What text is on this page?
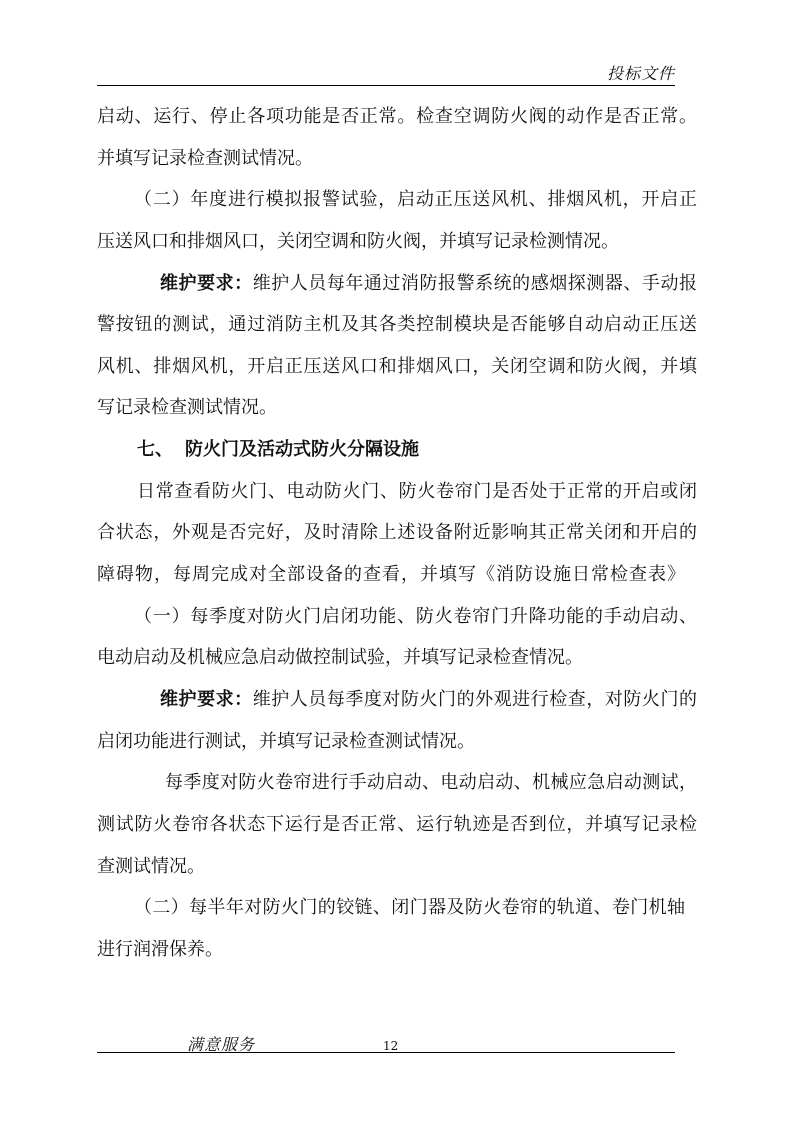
投标文件
启动、运行、停止各项功能是否正常。检查空调防火阀的动作是否正常。
并填写记录检查测试情况。
（二）年度进行模拟报警试验，启动正压送风机、排烟风机，开启正
压送风口和排烟风口，关闭空调和防火阀，并填写记录检测情况。
维护要求：维护人员每年通过消防报警系统的感烟探测器、手动报
警按钮的测试，通过消防主机及其各类控制模块是否能够自动启动正压送
风机、排烟风机，开启正压送风口和排烟风口，关闭空调和防火阀，并填
写记录检查测试情况。
七、 防火门及活动式防火分隔设施
日常查看防火门、电动防火门、防火卷帘门是否处于正常的开启或闭
合状态，外观是否完好，及时清除上述设备附近影响其正常关闭和开启的
障碍物，每周完成对全部设备的查看，并填写《消防设施日常检查表》
（一）每季度对防火门启闭功能、防火卷帘门升降功能的手动启动、
电动启动及机械应急启动做控制试验，并填写记录检查情况。
维护要求：维护人员每季度对防火门的外观进行检查，对防火门的
启闭功能进行测试，并填写记录检查测试情况。
每季度对防火卷帘进行手动启动、电动启动、机械应急启动测试，
测试防火卷帘各状态下运行是否正常、运行轨迹是否到位，并填写记录检
查测试情况。
（二）每半年对防火门的铰链、闭门器及防火卷帘的轨道、卷门机轴
进行润滑保养。
满意服务	12
